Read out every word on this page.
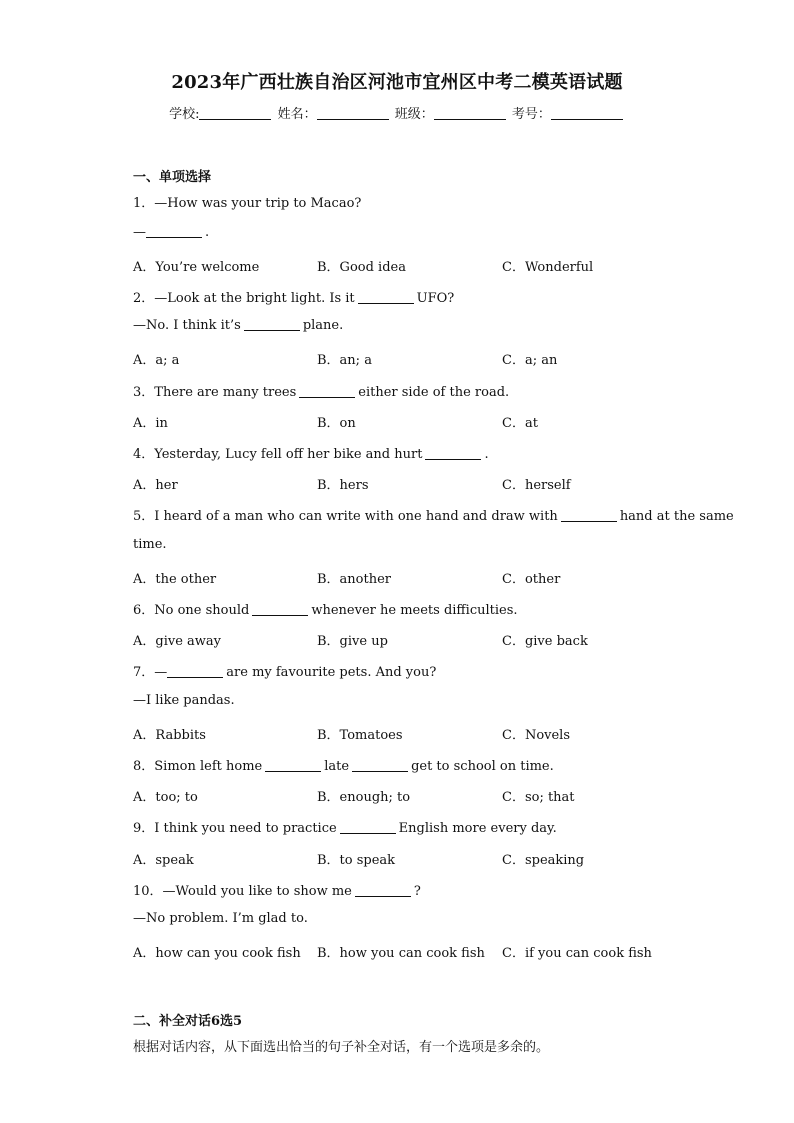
2023年广西壮族自治区河池市宜州区中考二模英语试题
学校:	姓名：	班级：	考号：
一、单项选择
1．—How was your trip to Macao?
—	.
A．You’re welcome	B．Good idea	C．Wonderful
2．—Look at the bright light. Is it	UFO?
—No. I think it’s	plane.
A．a; a	B．an; a	C．a; an
3．There are many trees	either side of the road.
A．in	B．on	C．at
4．Yesterday, Lucy fell off her bike and hurt	.
A．her	B．hers	C．herself
5．I heard of a man who can write with one hand and draw with	hand at the same
time.
A．the other	B．another	C．other
6．No one should	whenever he meets difficulties.
A．give away	B．give up	C．give back
7．—	are my favourite pets. And you?
—I like pandas.
A．Rabbits	B．Tomatoes	C．Novels
8．Simon left home	late	get to school on time.
A．too; to	B．enough; to	C．so; that
9．I think you need to practice	English more every day.
A．speak	B．to speak	C．speaking
10．—Would you like to show me	?
—No problem. I’m glad to.
A．how can you cook fish B．how you can cook fish C．if you can cook fish
二、补全对话6选5
根据对话内容，从下面选出恰当的句子补全对话，有一个选项是多余的。
